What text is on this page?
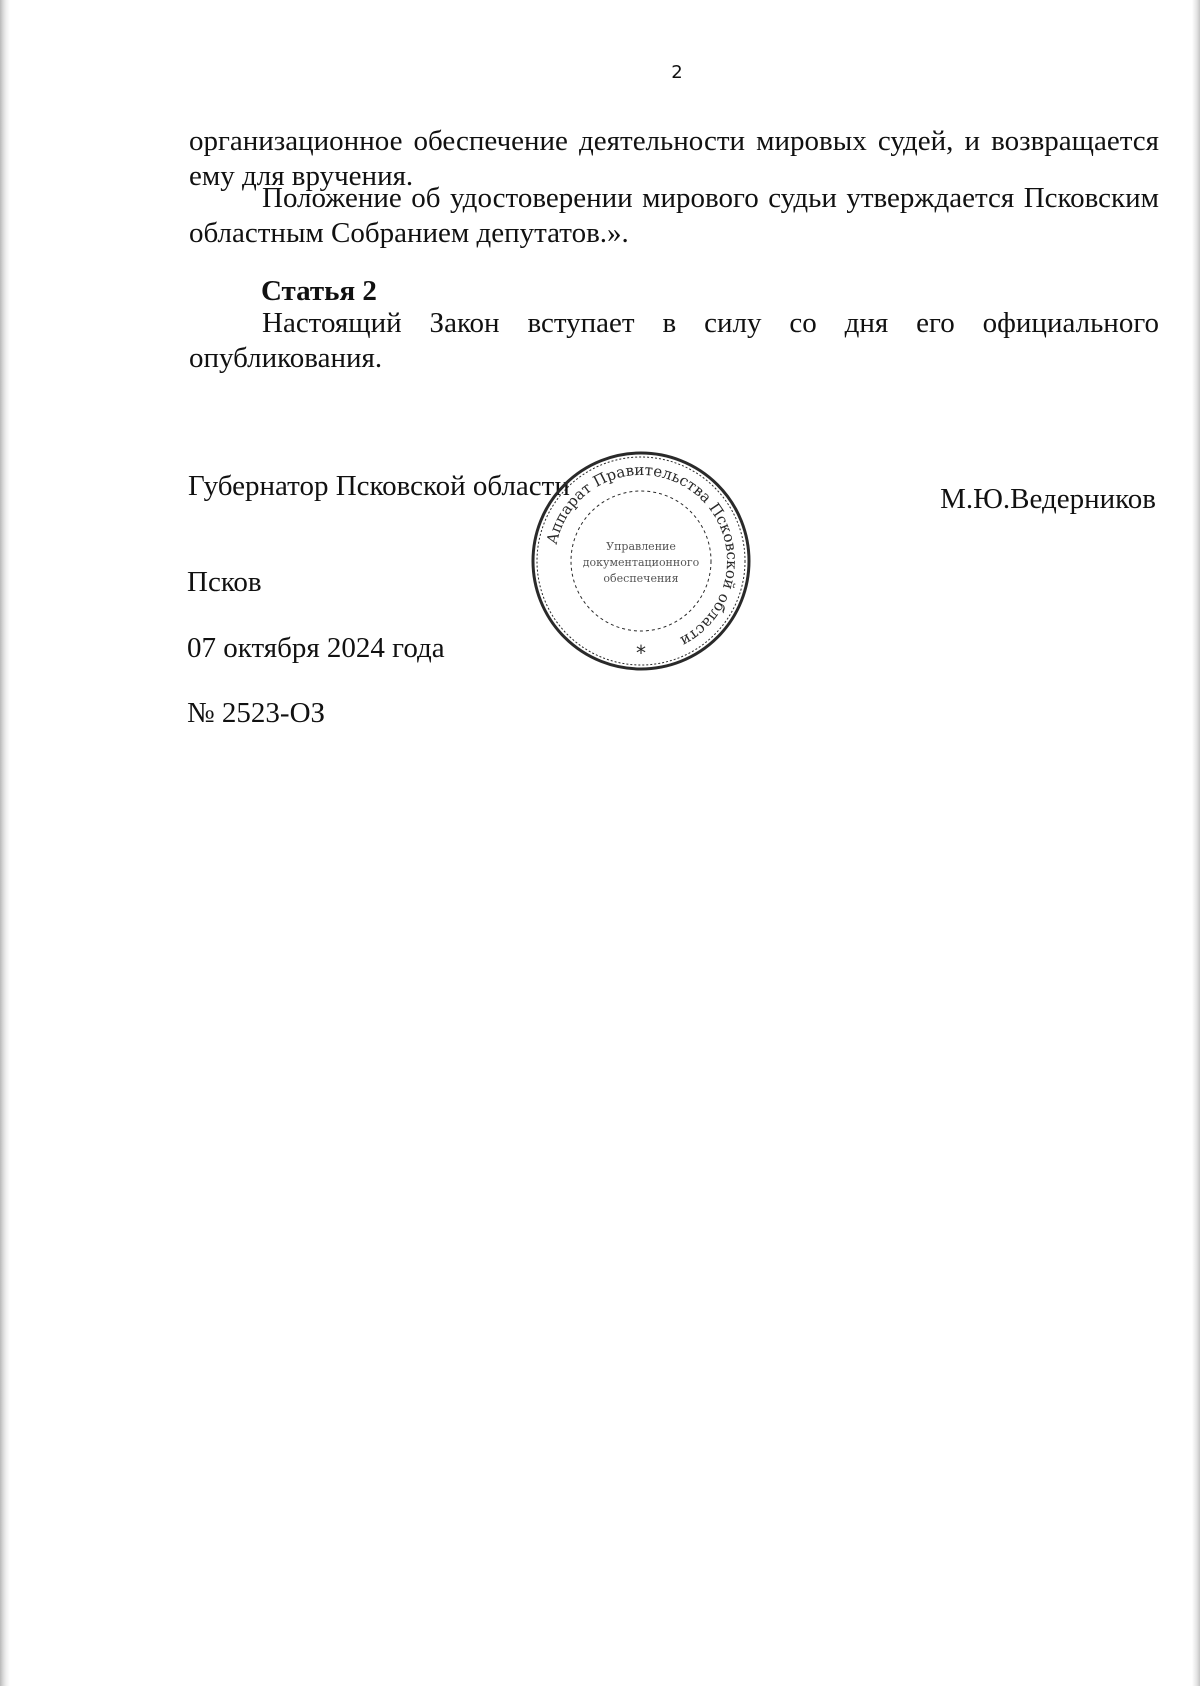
2
организационное обеспечение деятельности мировых судей, и возвращается ему для вручения.
Положение об удостоверении мирового судьи утверждается Псковским областным Собранием депутатов.».
Статья 2
Настоящий Закон вступает в силу со дня его официального опубликования.
Губернатор Псковской области	М.Ю.Ведерников
Псков
07 октября 2024 года
№ 2523-ОЗ
Аппарат Правительства Псковской области
Управление
документационного
обеспечения
*
